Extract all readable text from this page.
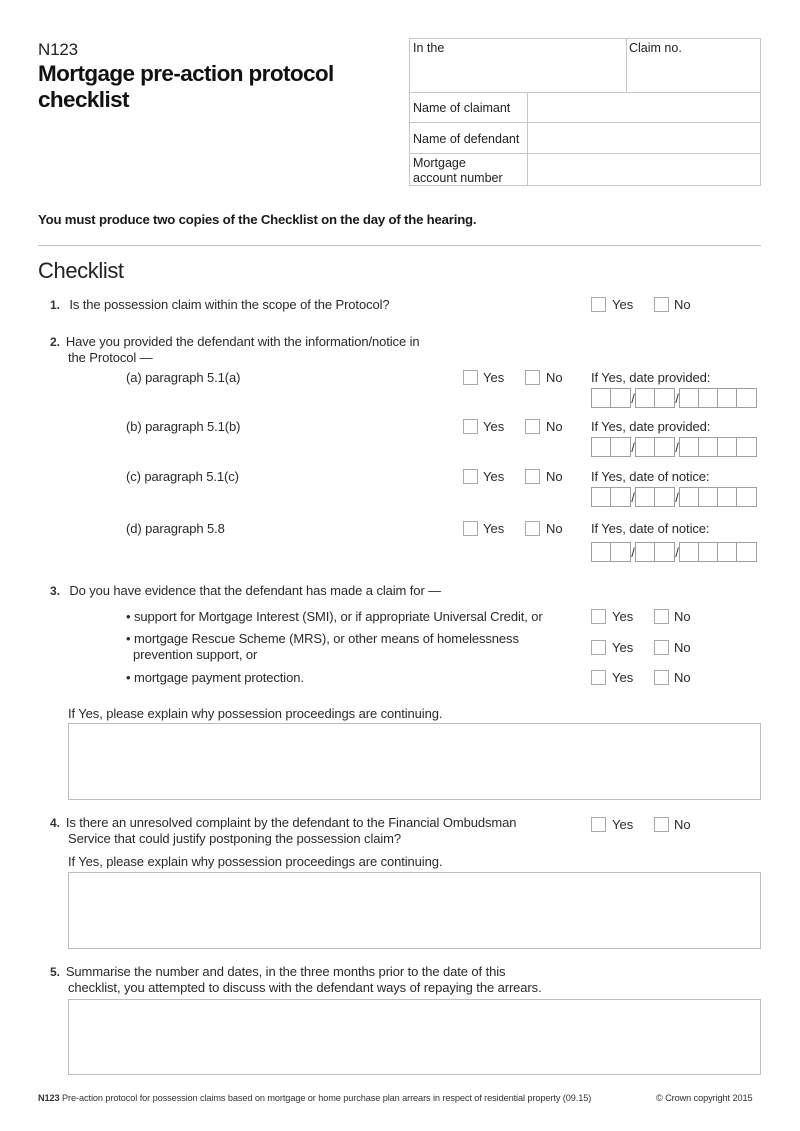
N123
Mortgage pre-action protocol
checklist
In the	Claim no.
Name of claimant
Name of defendant
Mortgage
account number
You must produce two copies of the Checklist on the day of the hearing.
Checklist
1. Is the possession claim within the scope of the Protocol?	Yes	No
2. Have you provided the defendant with the information/notice in
the Protocol —
(a) paragraph 5.1(a)	Yes	No If Yes, date provided:
/	/
(b) paragraph 5.1(b)	Yes	No If Yes, date provided:
/	/
(c) paragraph 5.1(c)	Yes	No If Yes, date of notice:
/	/
(d) paragraph 5.8	Yes	No If Yes, date of notice:
/	/
3. Do you have evidence that the defendant has made a claim for —
• support for Mortgage Interest (SMI), or if appropriate Universal Credit, or	Yes	No
• mortgage Rescue Scheme (MRS), or other means of homelessness
prevention support, or	Yes	No
• mortgage payment protection.	Yes	No
If Yes, please explain why possession proceedings are continuing.
4. Is there an unresolved complaint by the defendant to the Financial Ombudsman
Service that could justify postponing the possession claim?
Yes	No
If Yes, please explain why possession proceedings are continuing.
5. Summarise the number and dates, in the three months prior to the date of this
checklist, you attempted to discuss with the defendant ways of repaying the arrears.
N123 Pre-action protocol for possession claims based on mortgage or home purchase plan arrears in respect of residential property (09.15)	© Crown copyright 2015
